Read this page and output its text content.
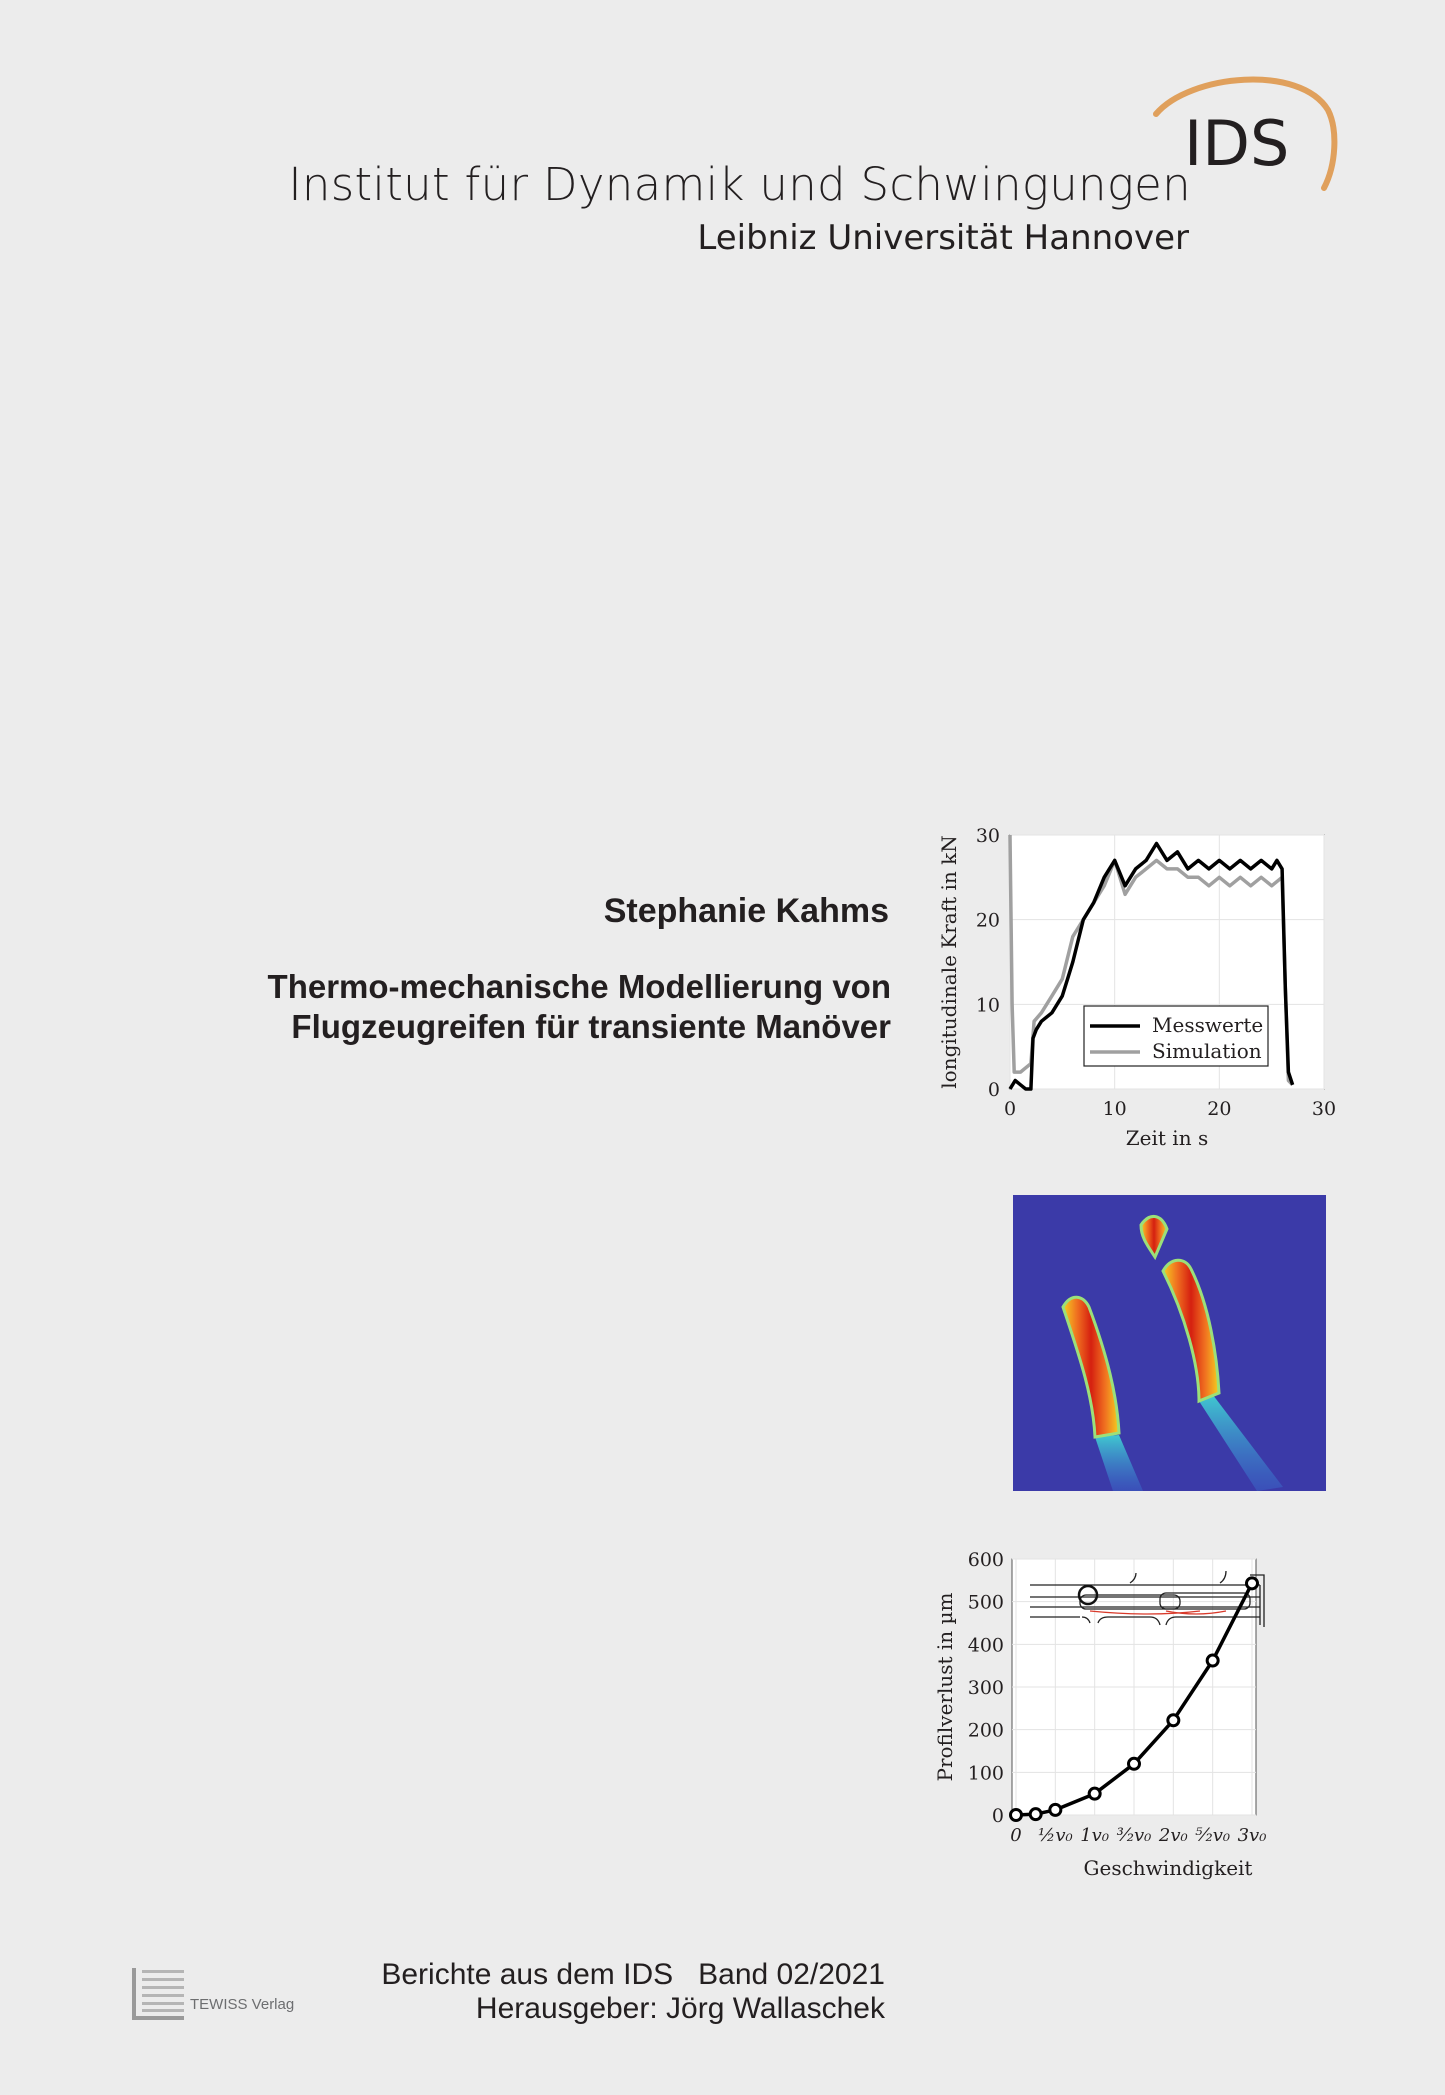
IDS
Institut für Dynamik und Schwingungen
Leibniz Universität Hannover
Stephanie Kahms
Thermo-mechanische Modellierung von
Flugzeugreifen für transiente Manöver
0	10	20	30
0
10
20
30
Messwerte
Simulation
Zeit in s
longitudinale Kraft in kN
0
100
200
300
400
500
600
0 ½v₀ 1v₀ ³⁄₂v₀ 2v₀ ⁵⁄₂v₀ 3v₀
Geschwindigkeit
Profilverlust in µm
Berichte aus dem IDS   Band 02/2021
Herausgeber: Jörg Wallaschek
TEWISS Verlag
